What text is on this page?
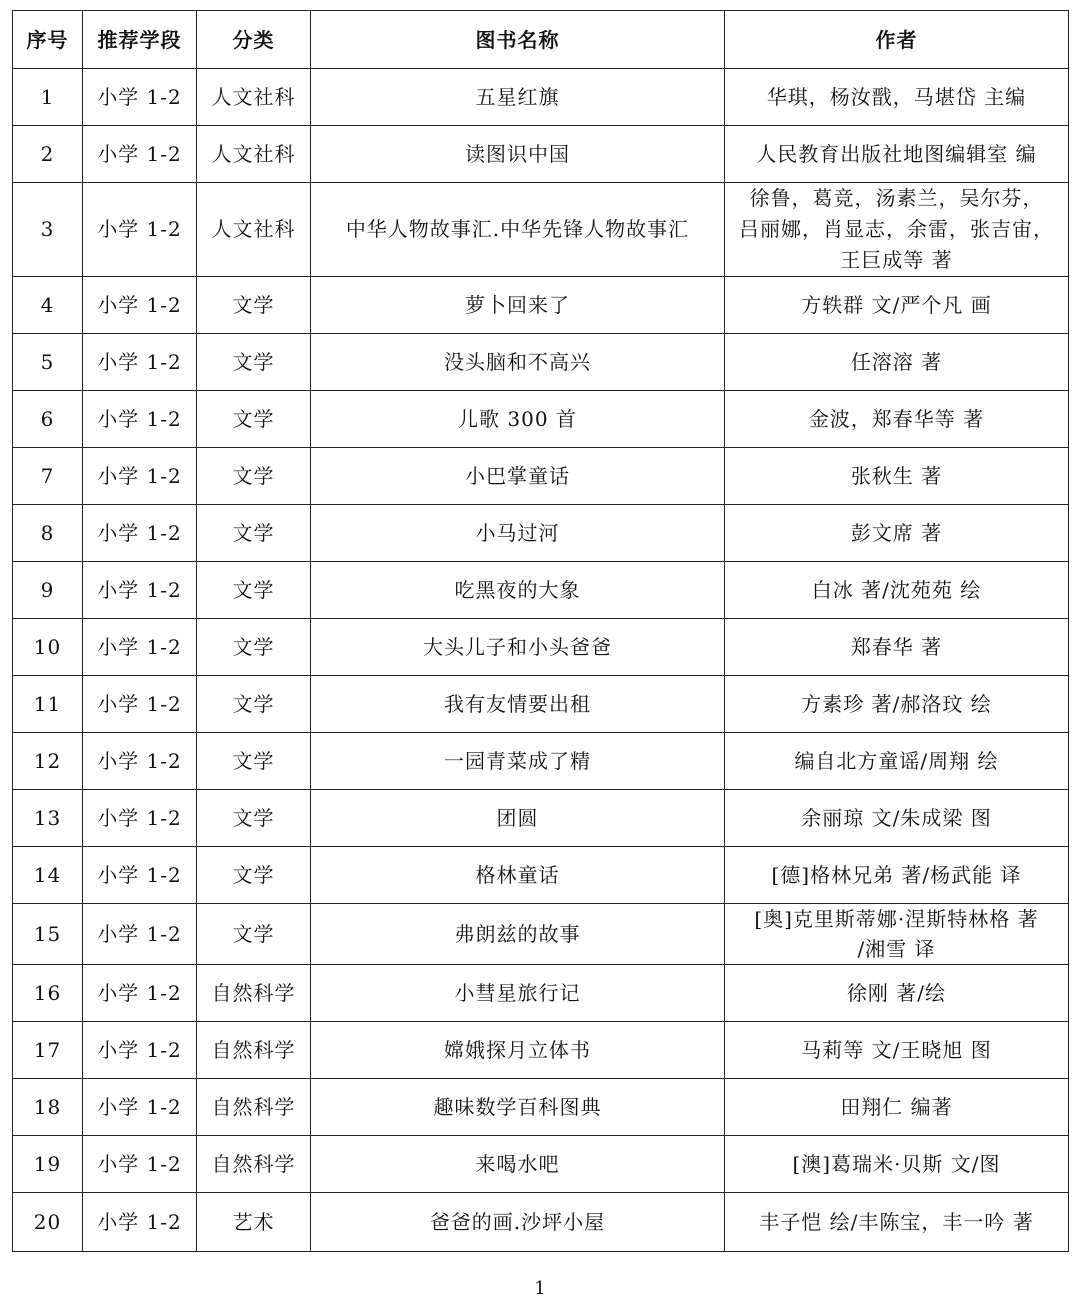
序号	推荐学段	分类	图书名称	作者
1	小学 1-2	人文社科	五星红旗	华琪，杨汝戬，马堪岱 主编
2	小学 1-2	人文社科	读图识中国	人民教育出版社地图编辑室 编
3	小学 1-2	人文社科	中华人物故事汇.中华先锋人物故事汇	徐鲁，葛竞，汤素兰，吴尔芬，
吕丽娜，肖显志，余雷，张吉宙，
王巨成等 著
4	小学 1-2	文学	萝卜回来了	方轶群 文/严个凡 画
5	小学 1-2	文学	没头脑和不高兴	任溶溶 著
6	小学 1-2	文学	儿歌 300 首	金波，郑春华等 著
7	小学 1-2	文学	小巴掌童话	张秋生 著
8	小学 1-2	文学	小马过河	彭文席 著
9	小学 1-2	文学	吃黑夜的大象	白冰 著/沈苑苑 绘
10	小学 1-2	文学	大头儿子和小头爸爸	郑春华 著
11	小学 1-2	文学	我有友情要出租	方素珍 著/郝洛玟 绘
12	小学 1-2	文学	一园青菜成了精	编自北方童谣/周翔 绘
13	小学 1-2	文学	团圆	余丽琼 文/朱成梁 图
14	小学 1-2	文学	格林童话	[德]格林兄弟 著/杨武能 译
15	小学 1-2	文学	弗朗兹的故事	[奥]克里斯蒂娜·涅斯特林格 著
/湘雪 译
16	小学 1-2	自然科学	小彗星旅行记	徐刚 著/绘
17	小学 1-2	自然科学	嫦娥探月立体书	马莉等 文/王晓旭 图
18	小学 1-2	自然科学	趣味数学百科图典	田翔仁 编著
19	小学 1-2	自然科学	来喝水吧	[澳]葛瑞米·贝斯 文/图
20	小学 1-2	艺术	爸爸的画.沙坪小屋	丰子恺 绘/丰陈宝，丰一吟 著
1
